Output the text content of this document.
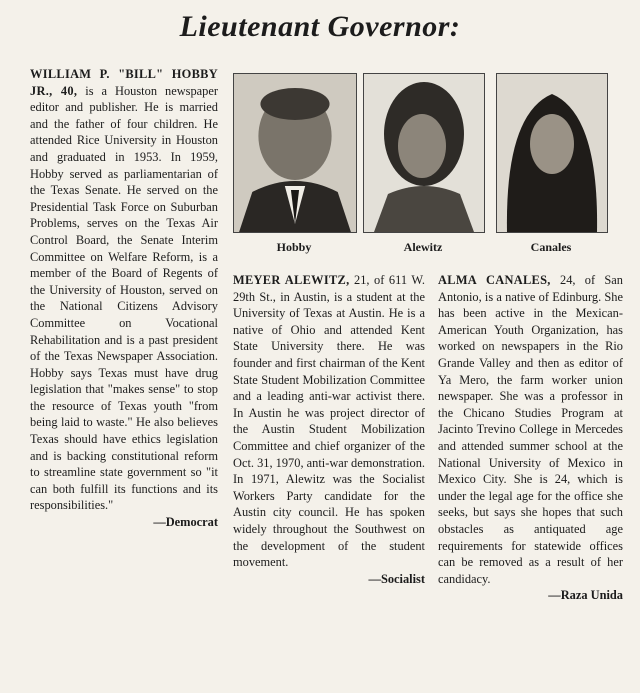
Lieutenant Governor:

WILLIAM P. "BILL" HOBBY JR., 40, is a Houston newspaper editor and publisher. He is married and the father of four children. He attended Rice University in Houston and graduated in 1953. In 1959, Hobby served as parliamentarian of the Texas Senate. He served on the Presidential Task Force on Suburban Problems, serves on the Texas Air Control Board, the Senate Interim Committee on Welfare Reform, is a member of the Board of Regents of the University of Houston, served on the National Citizens Advisory Committee on Vocational Rehabilitation and is a past president of the Texas Newspaper Association. Hobby says Texas must have drug legislation that "makes sense" to stop the resource of Texas youth "from being laid to waste." He also believes Texas should have ethics legislation and is backing constitutional reform to streamline state government so "it can both fulfill its functions and its responsibilities."

—Democrat

Hobby	Alewitz	Canales

MEYER ALEWITZ, 21, of 611 W. 29th St., in Austin, is a student at the University of Texas at Austin. He is a native of Ohio and attended Kent State University there. He was founder and first chairman of the Kent State Student Mobilization Committee and a leading anti-war activist there. In Austin he was project director of the Austin Student Mobilization Committee and chief organizer of the Oct. 31, 1970, anti-war demonstration. In 1971, Alewitz was the Socialist Workers Party candidate for the Austin city council. He has spoken widely throughout the Southwest on the development of the student movement.

—Socialist

ALMA CANALES, 24, of San Antonio, is a native of Edinburg. She has been active in the Mexican-American Youth Organization, has worked on newspapers in the Rio Grande Valley and then as editor of Ya Mero, the farm worker union newspaper. She was a professor in the Chicano Studies Program at Jacinto Trevino College in Mercedes and attended summer school at the National University of Mexico in Mexico City. She is 24, which is under the legal age for the office she seeks, but says she hopes that such obstacles as antiquated age requirements for statewide offices can be removed as a result of her candidacy.

—Raza Unida
